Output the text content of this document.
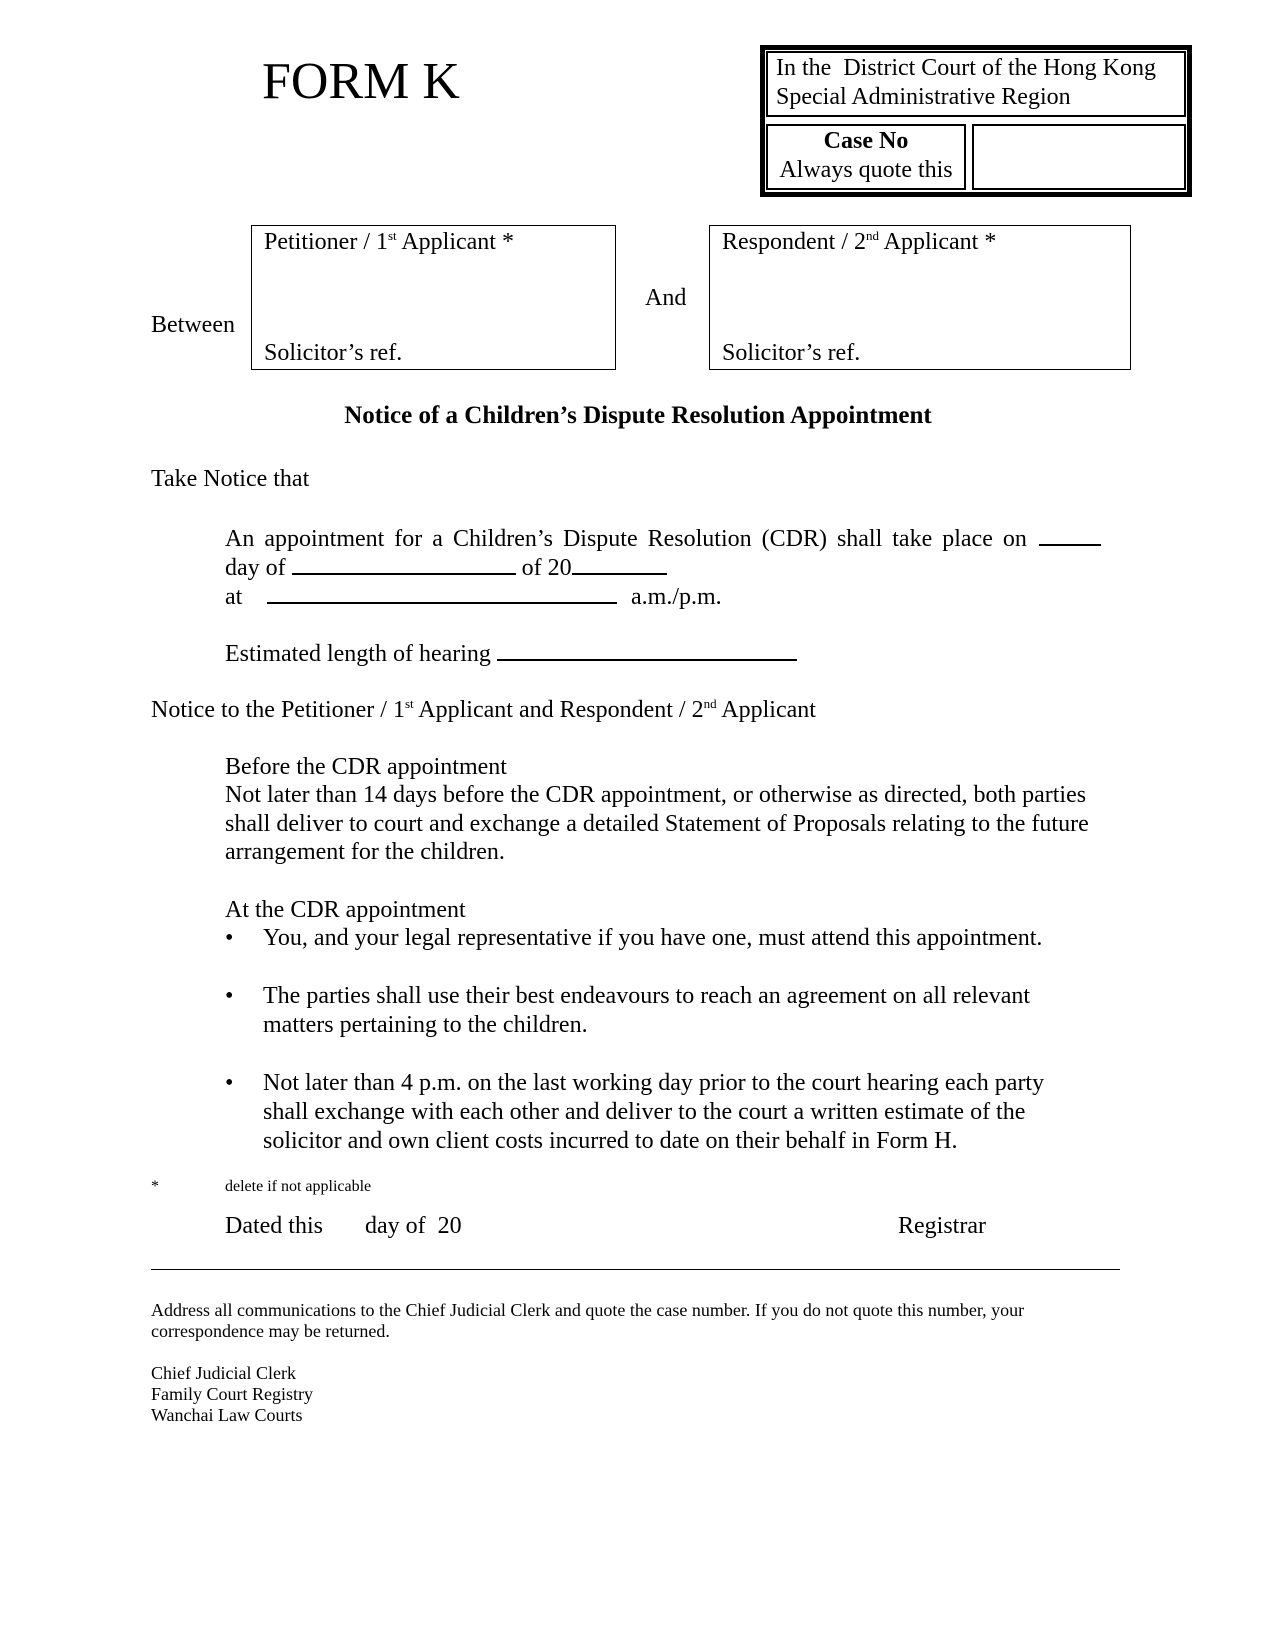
FORM K	In the  District Court of the Hong Kong
Special Administrative Region
Case No
Always quote this
Between
Petitioner / 1st Applicant *
Solicitor’s ref.
And
Respondent / 2nd Applicant *
Solicitor’s ref.
Notice of a Children’s Dispute Resolution Appointment
Take Notice that
An appointment for a Children’s Dispute Resolution (CDR) shall take place on
day of	of 20
at	a.m./p.m.
Estimated length of hearing
Notice to the Petitioner / 1st Applicant and Respondent / 2nd Applicant
Before the CDR appointment
Not later than 14 days before the CDR appointment, or otherwise as directed, both parties shall deliver to court and exchange a detailed Statement of Proposals relating to the future arrangement for the children.
At the CDR appointment
• You, and your legal representative if you have one, must attend this appointment.
• The parties shall use their best endeavours to reach an agreement on all relevant matters pertaining to the children.
• Not later than 4 p.m. on the last working day prior to the court hearing each party shall exchange with each other and deliver to the court a written estimate of the solicitor and own client costs incurred to date on their behalf in Form H.
*	delete if not applicable
Dated this day of  20	Registrar
Address all communications to the Chief Judicial Clerk and quote the case number. If you do not quote this number, your correspondence may be returned.
Chief Judicial Clerk
Family Court Registry
Wanchai Law Courts
